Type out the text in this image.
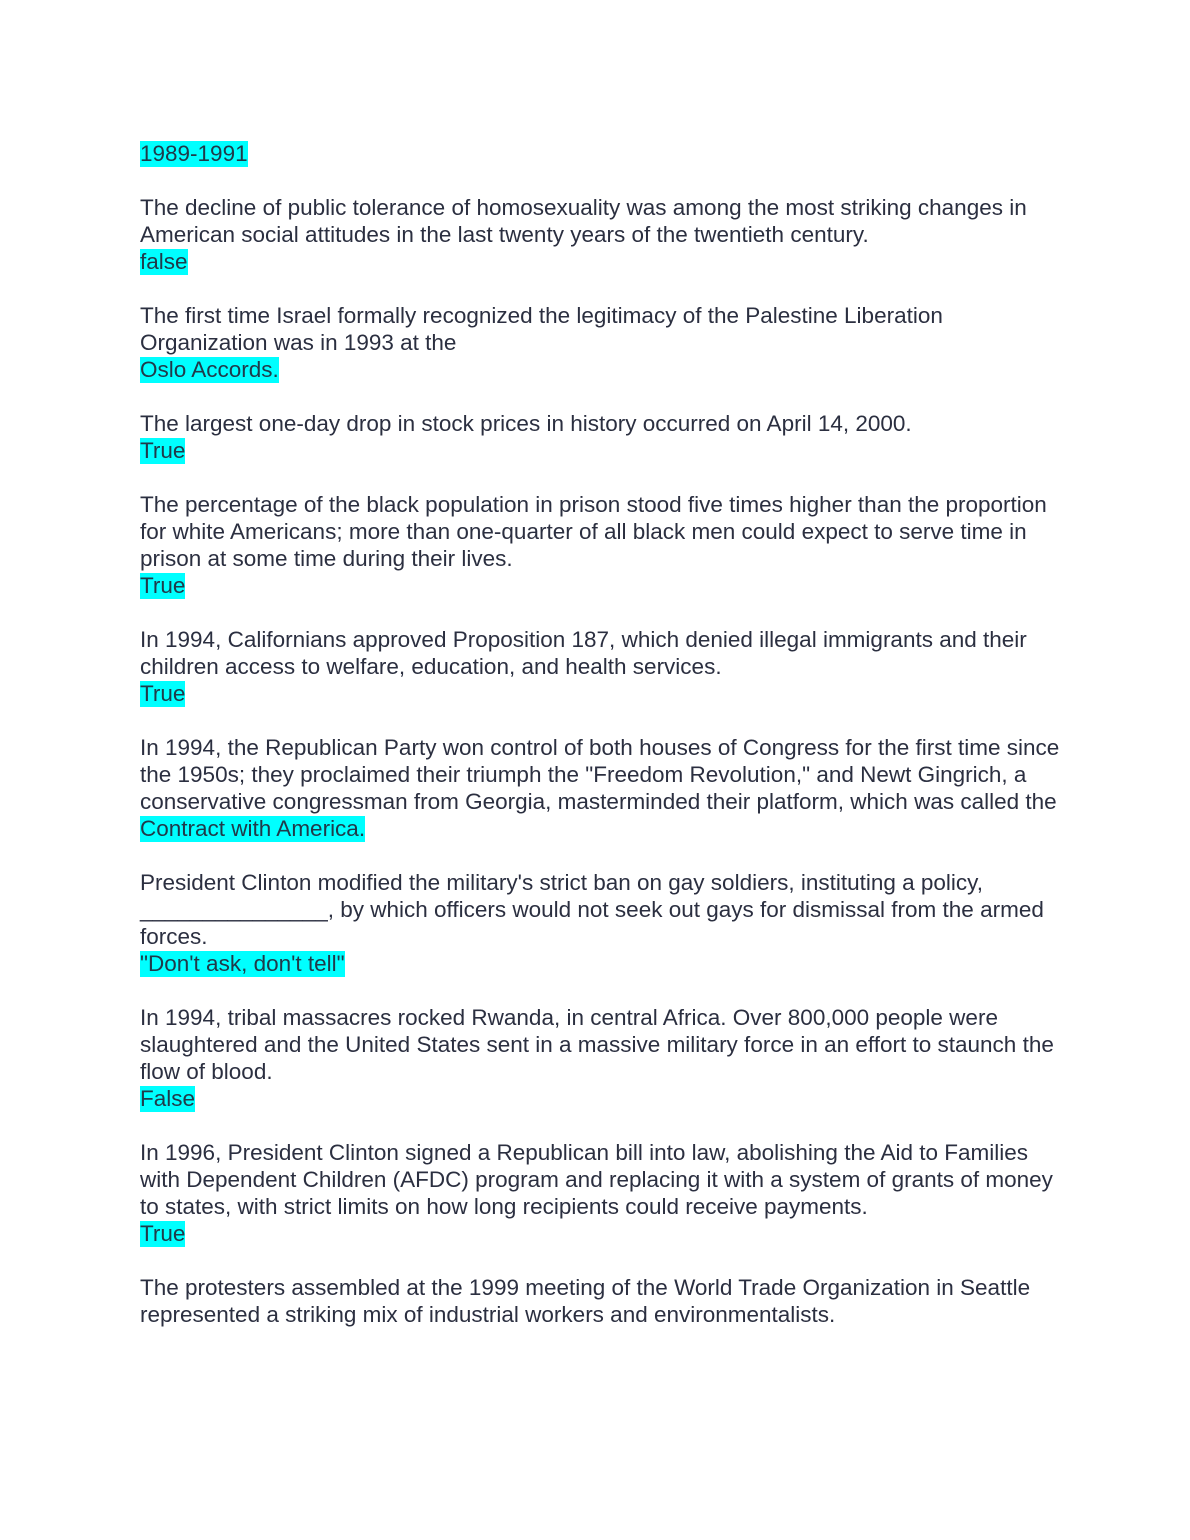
1989-1991

The decline of public tolerance of homosexuality was among the most striking changes in American social attitudes in the last twenty years of the twentieth century.

false

The first time Israel formally recognized the legitimacy of the Palestine Liberation Organization was in 1993 at the

Oslo Accords.

The largest one-day drop in stock prices in history occurred on April 14, 2000.

True

The percentage of the black population in prison stood five times higher than the proportion for white Americans; more than one-quarter of all black men could expect to serve time in prison at some time during their lives.

True

In 1994, Californians approved Proposition 187, which denied illegal immigrants and their children access to welfare, education, and health services.

True

In 1994, the Republican Party won control of both houses of Congress for the first time since the 1950s; they proclaimed their triumph the "Freedom Revolution," and Newt Gingrich, a conservative congressman from Georgia, masterminded their platform, which was called the

Contract with America.

President Clinton modified the military's strict ban on gay soldiers, instituting a policy, _______________, by which officers would not seek out gays for dismissal from the armed forces.

"Don't ask, don't tell"

In 1994, tribal massacres rocked Rwanda, in central Africa. Over 800,000 people were slaughtered and the United States sent in a massive military force in an effort to staunch the flow of blood.

False

In 1996, President Clinton signed a Republican bill into law, abolishing the Aid to Families with Dependent Children (AFDC) program and replacing it with a system of grants of money to states, with strict limits on how long recipients could receive payments.

True

The protesters assembled at the 1999 meeting of the World Trade Organization in Seattle represented a striking mix of industrial workers and environmentalists.
